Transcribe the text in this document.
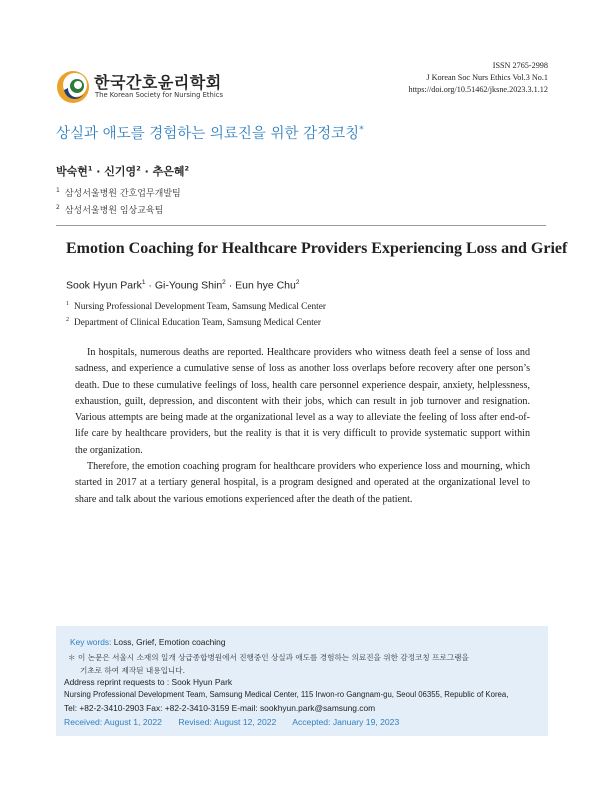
한국간호윤리학회
The Korean Society for Nursing Ethics
ISSN 2765-2998
J Korean Soc Nurs Ethics Vol.3 No.1
https://doi.org/10.51462/jksne.2023.3.1.12
상실과 애도를 경험하는 의료진을 위한 감정코칭*
박숙현$^1$ · 신기영$^2$ · 추은혜$^2$
$^1$ 삼성서울병원 간호업무개발팀
$^2$ 삼성서울병원 임상교육팀
Emotion Coaching for Healthcare Providers Experiencing Loss and Grief
Sook Hyun Park$^1$ · Gi-Young Shin$^2$ · Eun hye Chu$^2$
$^1$ Nursing Professional Development Team, Samsung Medical Center
$^2$ Department of Clinical Education Team, Samsung Medical Center

In hospitals, numerous deaths are reported. Healthcare providers who witness death feel a sense of loss and sadness, and experience a cumulative sense of loss as another loss overlaps before recovery after one person’s death. Due to these cumulative feelings of loss, health care personnel experience despair, anxiety, helplessness, exhaustion, guilt, depression, and discontent with their jobs, which can result in job turnover and resignation. Various attempts are being made at the organizational level as a way to alleviate the feeling of loss after end-of-life care by healthcare providers, but the reality is that it is very difficult to provide systematic support within the organization.

Therefore, the emotion coaching program for healthcare providers who experience loss and mourning, which started in 2017 at a tertiary general hospital, is a program designed and operated at the organizational level to share and talk about the various emotions experienced after the death of the patient.

Key words: Loss, Grief, Emotion coaching
＊ 이 논문은 서울시 소재의 일개 상급종합병원에서 진행중인 상실과 애도를 경험하는 의료진을 위한 감정코칭 프로그램을
기초로 하여 제작된 내용입니다.
Address reprint requests to : Sook Hyun Park
Nursing Professional Development Team, Samsung Medical Center, 115 Irwon-ro Gangnam-gu, Seoul 06355, Republic of Korea,
Tel: +82-2-3410-2903 Fax: +82-2-3410-3159 E-mail: sookhyun.park@samsung.com
Received: August 1, 2022 Revised: August 12, 2022 Accepted: January 19, 2023
